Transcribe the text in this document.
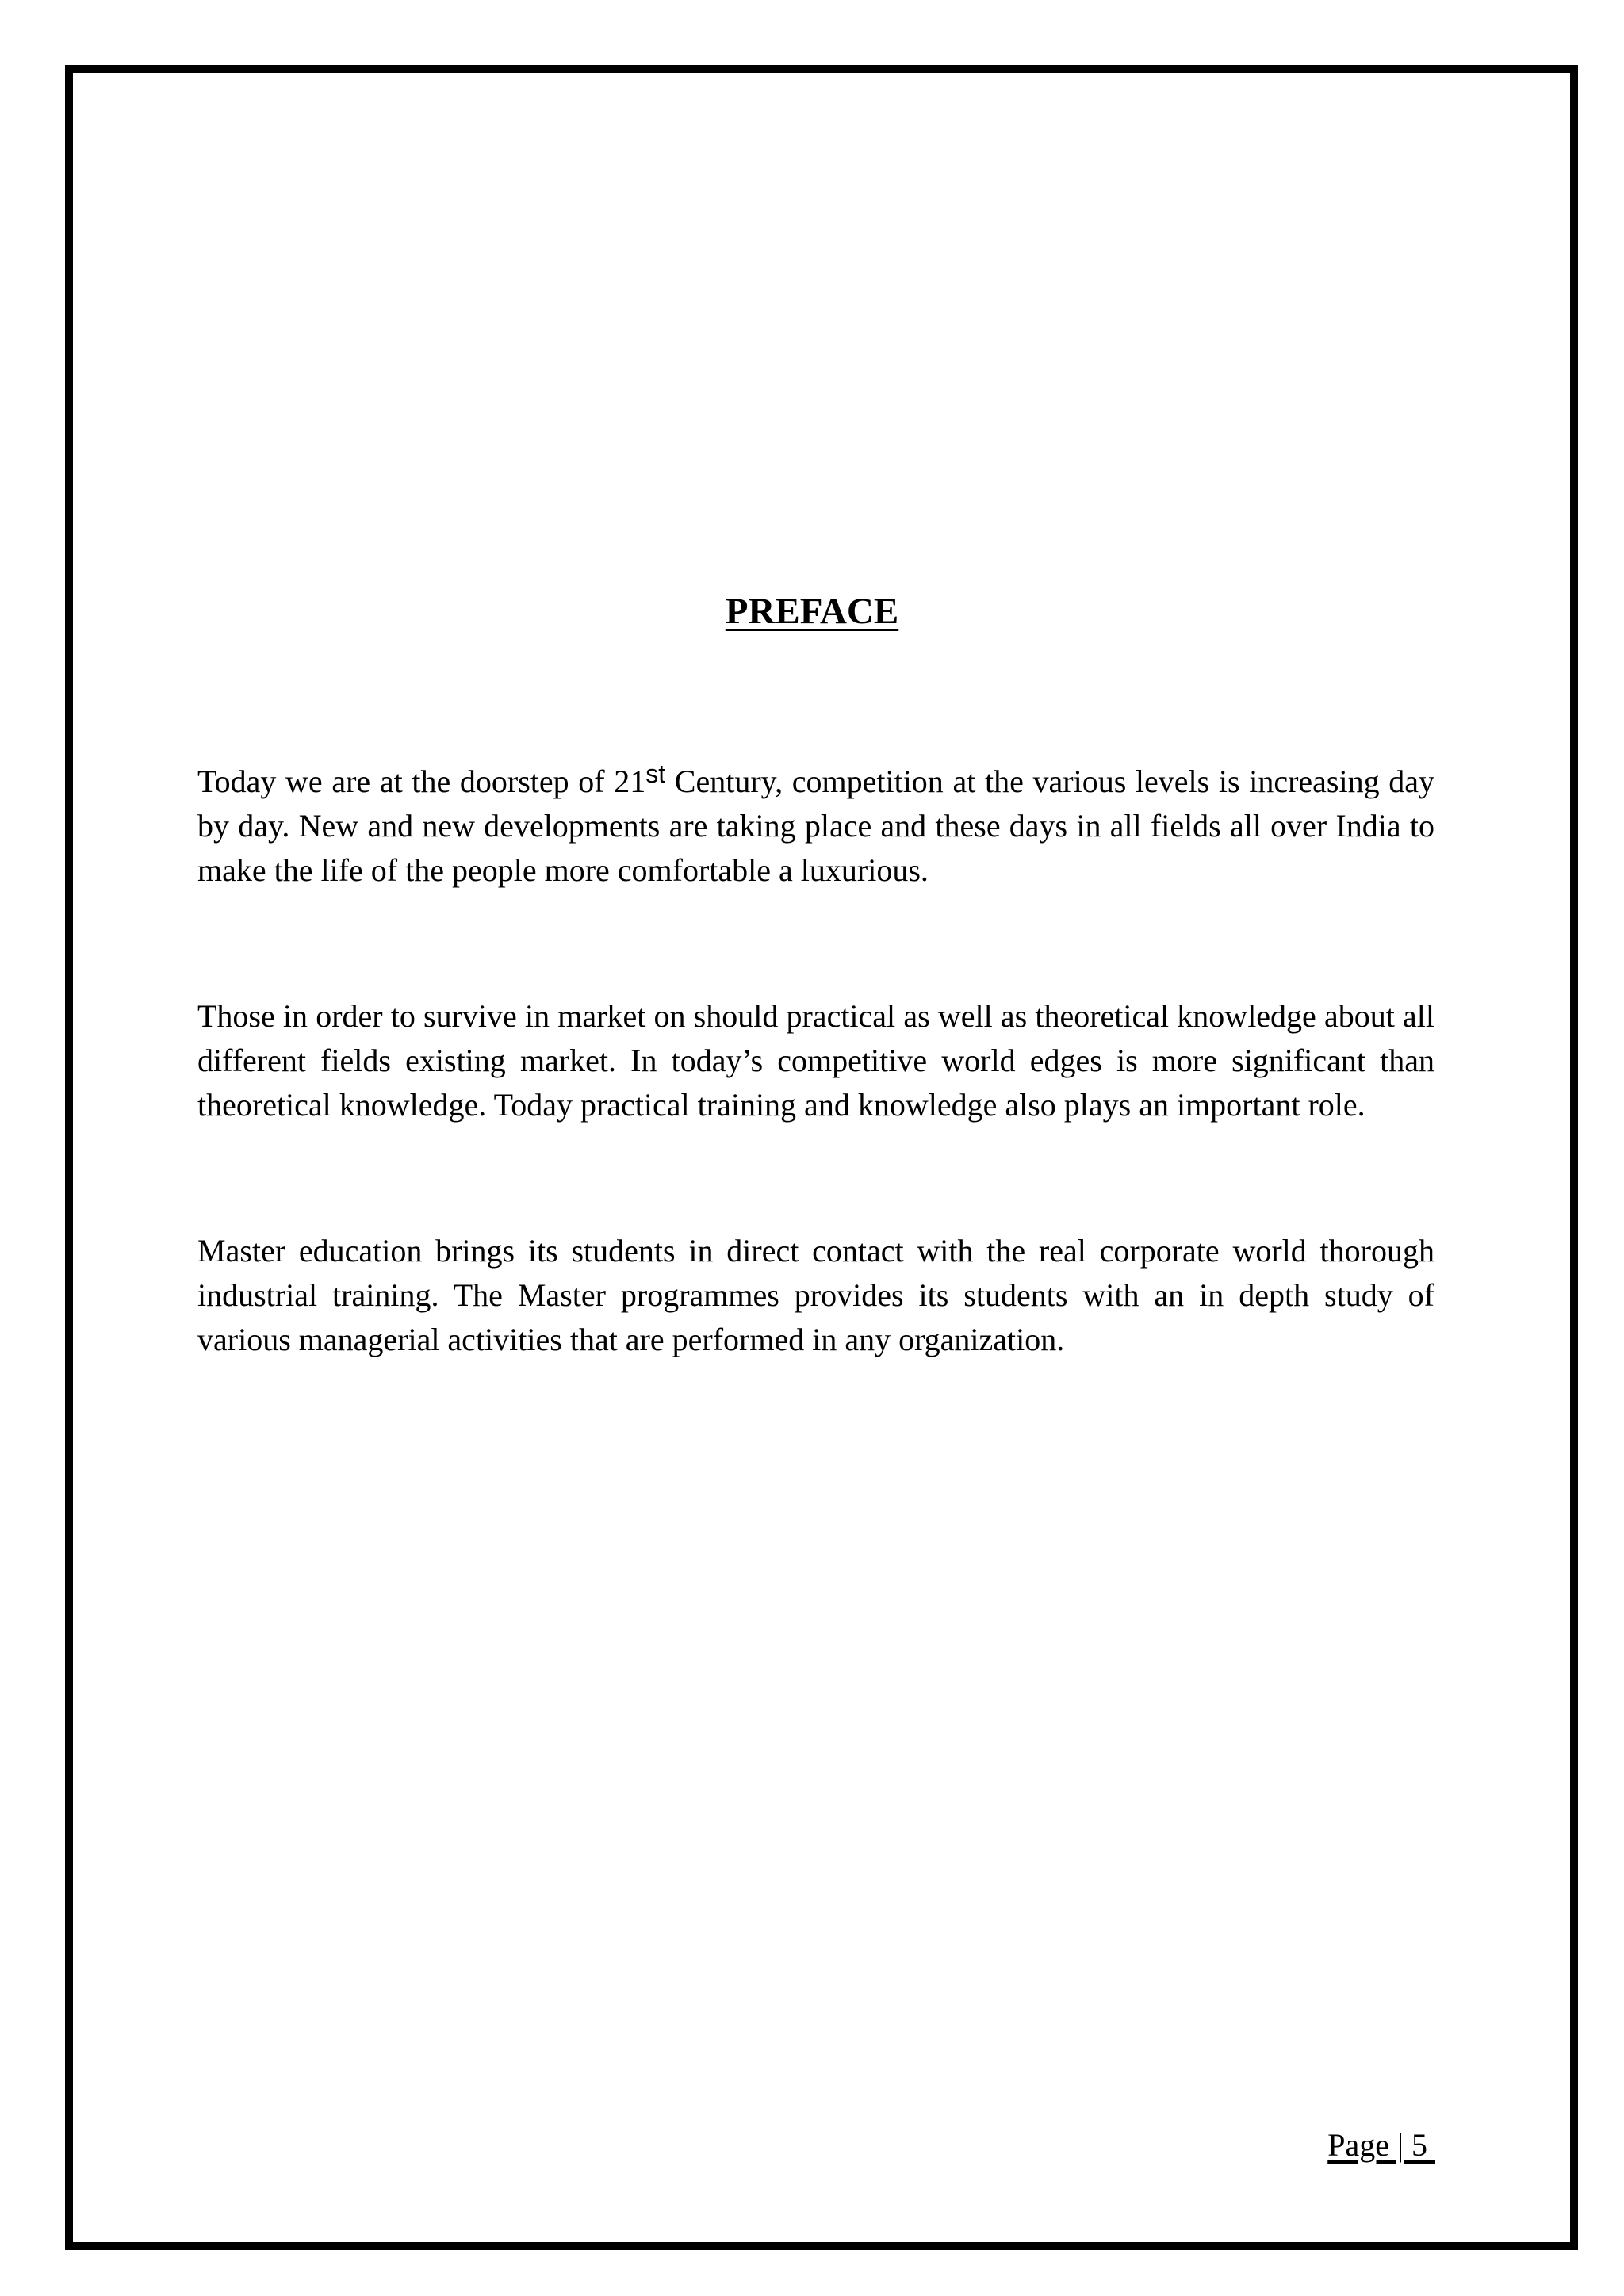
PREFACE

Today we are at the doorstep of 21st Century, competition at the various levels is increasing day by day. New and new developments are taking place and these days in all fields all over India to make the life of the people more comfortable a luxurious.

Those in order to survive in market on should practical as well as theoretical knowledge about all different fields existing market. In today’s competitive world edges is more significant than theoretical knowledge. Today practical training and knowledge also plays an important role.

Master education brings its students in direct contact with the real corporate world thorough industrial training. The Master programmes provides its students with an in depth study of various managerial activities that are performed in any organization.

Page | 5
